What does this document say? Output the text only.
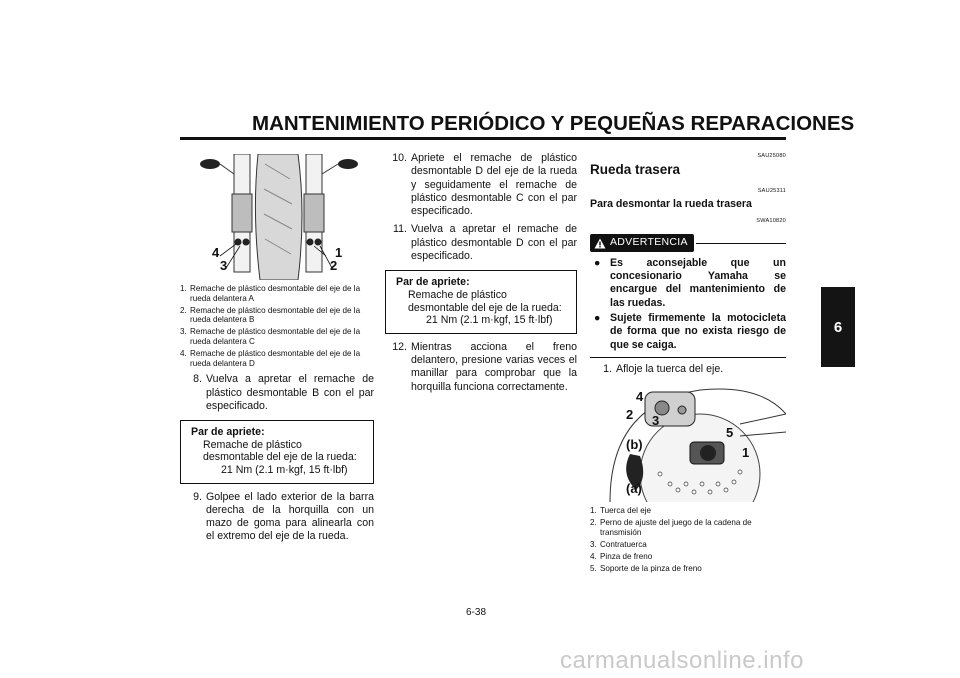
MANTENIMIENTO PERIÓDICO Y PEQUEÑAS REPARACIONES
6
4	1
3	2
1. Remache de plástico desmontable del eje de la rueda delantera A
2. Remache de plástico desmontable del eje de la rueda delantera B
3. Remache de plástico desmontable del eje de la rueda delantera C
4. Remache de plástico desmontable del eje de la rueda delantera D
8. Vuelva a apretar el remache de plástico desmontable B con el par especificado.
Par de apriete:
Remache de plástico desmontable del eje de la rueda:
21 Nm (2.1 m·kgf, 15 ft·lbf)
9. Golpee el lado exterior de la barra derecha de la horquilla con un mazo de goma para alinearla con el extremo del eje de la rueda.
10. Apriete el remache de plástico desmontable D del eje de la rueda y seguidamente el remache de plástico desmontable C con el par especificado.
11. Vuelva a apretar el remache de plástico desmontable D con el par especificado.
Par de apriete:
Remache de plástico desmontable del eje de la rueda:
21 Nm (2.1 m·kgf, 15 ft·lbf)
12. Mientras acciona el freno delantero, presione varias veces el manillar para comprobar que la horquilla funciona correctamente.
SAU25080
Rueda trasera
SAU25311
Para desmontar la rueda trasera
SWA10820
ADVERTENCIA
● Es aconsejable que un concesionario Yamaha se encargue del mantenimiento de las ruedas.
● Sujete firmemente la motocicleta de forma que no exista riesgo de que se caiga.
1. Afloje la tuerca del eje.
4
2 3
5
(b)
1
(a)
1. Tuerca del eje
2. Perno de ajuste del juego de la cadena de transmisión
3. Contratuerca
4. Pinza de freno
5. Soporte de la pinza de freno
6-38
carmanualsonline.info
